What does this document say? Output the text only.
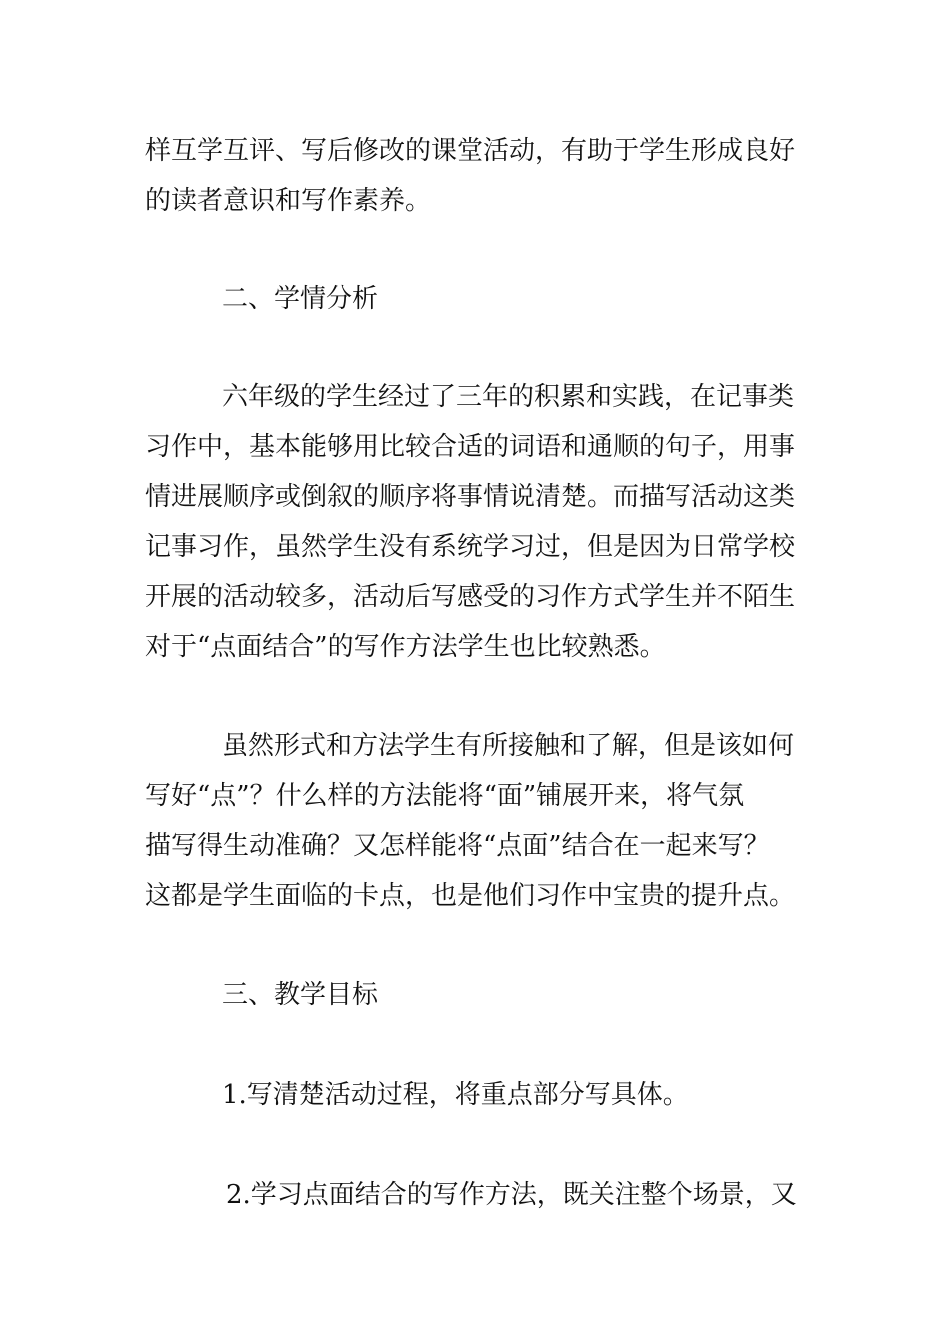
样互学互评、写后修改的课堂活动，有助于学生形成良好
的读者意识和写作素养。
二、学情分析
六年级的学生经过了三年的积累和实践，在记事类
习作中，基本能够用比较合适的词语和通顺的句子，用事
情进展顺序或倒叙的顺序将事情说清楚。而描写活动这类
记事习作，虽然学生没有系统学习过，但是因为日常学校
开展的活动较多，活动后写感受的习作方式学生并不陌生
对于“点面结合”的写作方法学生也比较熟悉。
虽然形式和方法学生有所接触和了解，但是该如何
写好“点”？什么样的方法能将“面”铺展开来，将气氛
描写得生动准确？又怎样能将“点面”结合在一起来写？
这都是学生面临的卡点，也是他们习作中宝贵的提升点。
三、教学目标
1.写清楚活动过程，将重点部分写具体。
2.学习点面结合的写作方法，既关注整个场景，又
